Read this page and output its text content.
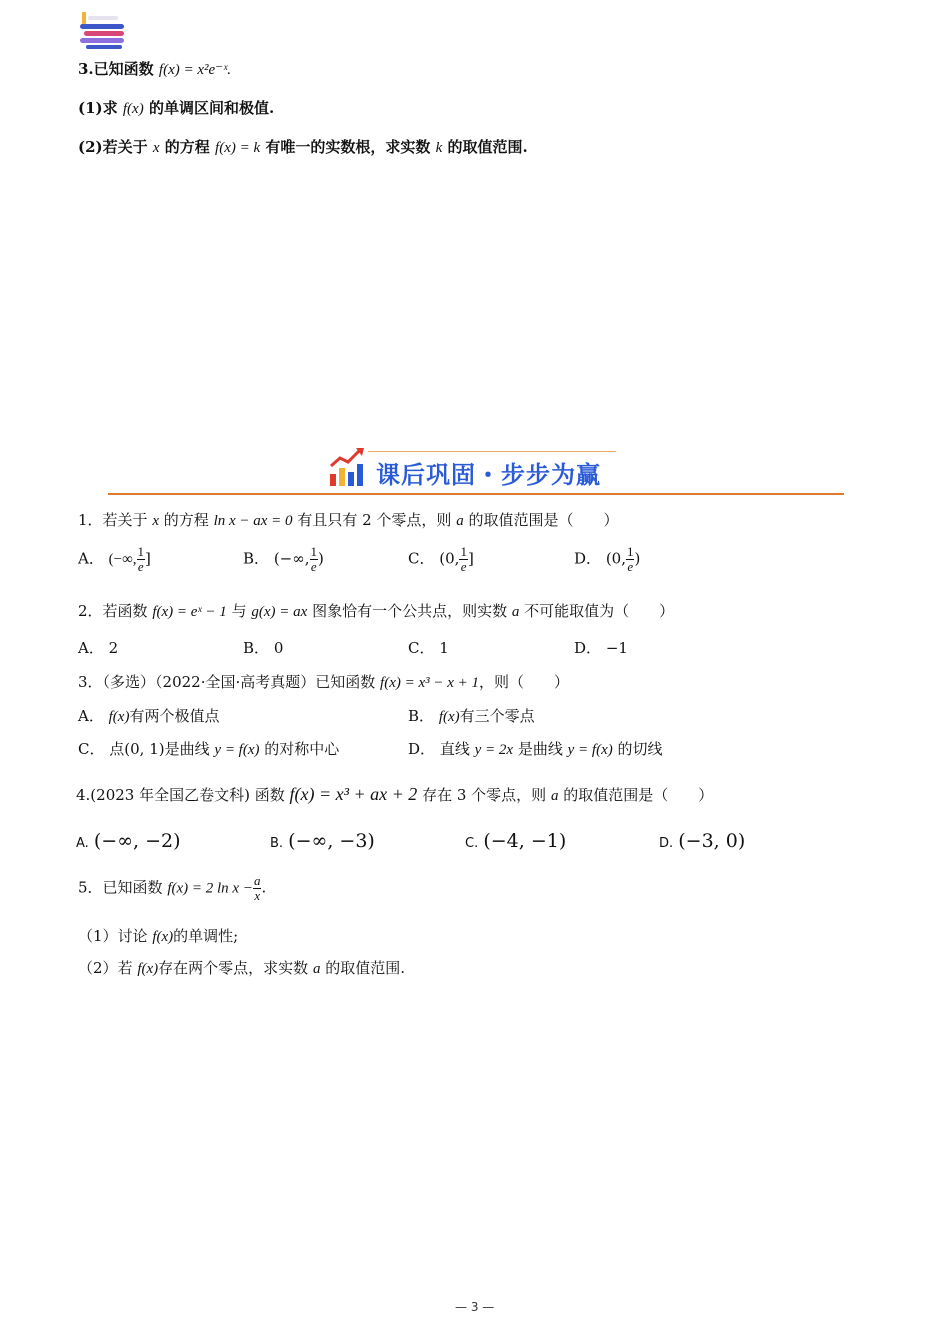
3.已知函数 f(x) = x²e⁻ˣ.
(1)求 f(x) 的单调区间和极值.
(2)若关于 x 的方程 f(x) = k 有唯一的实数根，求实数 k 的取值范围.
课后巩固・步步为赢
1．若关于 x 的方程 ln x − ax = 0 有且只有 2 个零点，则 a 的取值范围是（　　）
A． (−∞, $\frac{1}{e}$ ]	B． (−∞, $\frac{1}{e}$ )	C． (0, $\frac{1}{e}$ ]	D． (0, $\frac{1}{e}$ )
2．若函数 f(x) = eˣ − 1 与 g(x) = ax 图象恰有一个公共点，则实数 a 不可能取值为（　　）
A． 2	B． 0	C． 1	D． −1
3．（多选）（2022·全国·高考真题）已知函数 f(x) = x³ − x + 1，则（　　）
A． f(x)有两个极值点	B． f(x)有三个零点
C． 点(0, 1)是曲线 y = f(x) 的对称中心	D． 直线 y = 2x 是曲线 y = f(x) 的切线
4.(2023 年全国乙卷文科) 函数 f(x) = x³ + ax + 2 存在 3 个零点，则 a 的取值范围是（　　）
A. (−∞, −2)	B. (−∞, −3)	C. (−4, −1)	D. (−3, 0)
5．已知函数 f(x) = 2 $\ln x - \frac{a}{x}$ .
（1）讨论 f(x)的单调性;
（2）若 f(x)存在两个零点，求实数 a 的取值范围.
— 3 —
